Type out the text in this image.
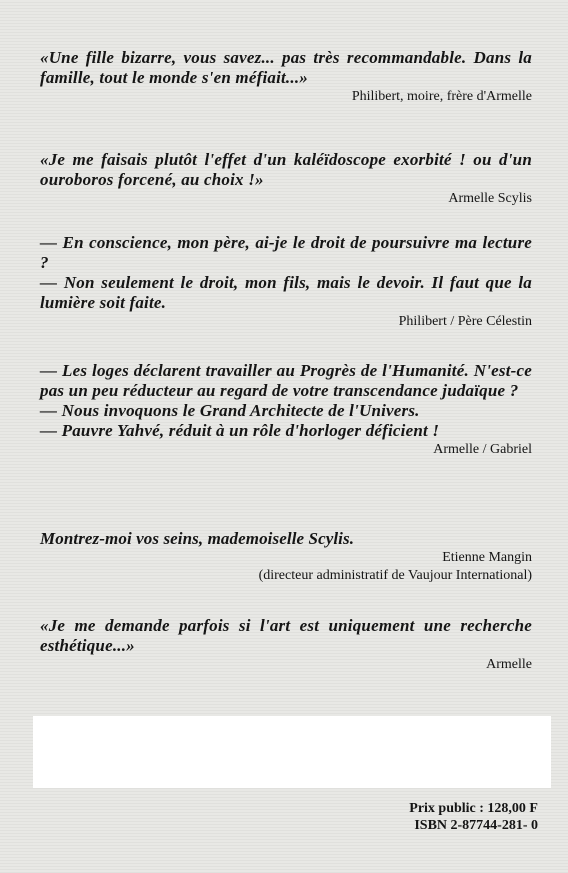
«Une fille bizarre, vous savez... pas très recommandable. Dans la famille, tout le monde s'en méfiait...»

Philibert, moire, frère d'Armelle

«Je me faisais plutôt l'effet d'un kaléïdoscope exorbité ! ou d'un ouroboros forcené, au choix !»

Armelle Scylis

— En conscience, mon père, ai-je le droit de poursuivre ma lecture ?

— Non seulement le droit, mon fils, mais le devoir. Il faut que la lumière soit faite.

Philibert / Père Célestin

— Les loges déclarent travailler au Progrès de l'Humanité. N'est-ce pas un peu réducteur au regard de votre transcendance judaïque ?

— Nous invoquons le Grand Architecte de l'Univers.

— Pauvre Yahvé, réduit à un rôle d'horloger déficient !

Armelle / Gabriel

Montrez-moi vos seins, mademoiselle Scylis.

Etienne Mangin

(directeur administratif de Vaujour International)

«Je me demande parfois si l'art est uniquement une recherche esthétique...»

Armelle

Prix public : 128,00 F
ISBN 2-87744-281- 0
